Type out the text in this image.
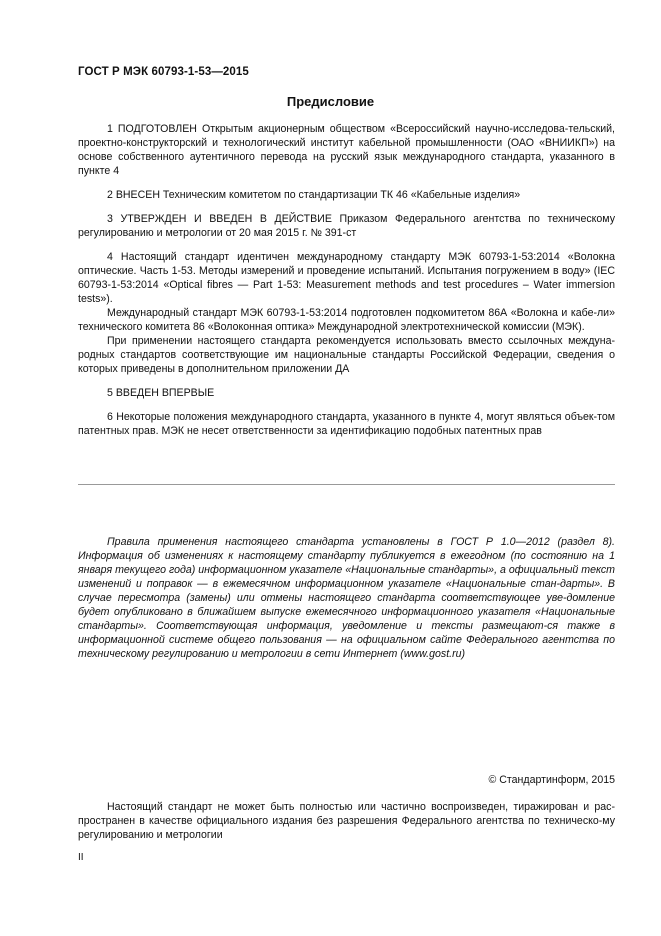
ГОСТ Р МЭК 60793-1-53—2015
Предисловие

1 ПОДГОТОВЛЕН Открытым акционерным обществом «Всероссийский научно-исследова-тельский, проектно-конструкторский и технологический институт кабельной промышленности (ОАО «ВНИИКП») на основе собственного аутентичного перевода на русский язык международного стандарта, указанного в пункте 4

2 ВНЕСЕН Техническим комитетом по стандартизации ТК 46 «Кабельные изделия»

3 УТВЕРЖДЕН И ВВЕДЕН В ДЕЙСТВИЕ Приказом Федерального агентства по техническому регулированию и метрологии от 20 мая 2015 г. № 391-ст

4 Настоящий стандарт идентичен международному стандарту МЭК 60793-1-53:2014 «Волокна оптические. Часть 1-53. Методы измерений и проведение испытаний. Испытания погружением в воду» (IEC 60793-1-53:2014 «Optical fibres — Part 1-53: Measurement methods and test procedures – Water immersion tests»).

Международный стандарт МЭК 60793-1-53:2014 подготовлен подкомитетом 86А «Волокна и кабе-ли» технического комитета 86 «Волоконная оптика» Международной электротехнической комиссии (МЭК).

При применении настоящего стандарта рекомендуется использовать вместо ссылочных междуна-родных стандартов соответствующие им национальные стандарты Российской Федерации, сведения о которых приведены в дополнительном приложении ДА

5 ВВЕДЕН ВПЕРВЫЕ

6 Некоторые положения международного стандарта, указанного в пункте 4, могут являться объек-том патентных прав. МЭК не несет ответственности за идентификацию подобных патентных прав

Правила применения настоящего стандарта установлены в ГОСТ Р 1.0—2012 (раздел 8). Информация об изменениях к настоящему стандарту публикуется в ежегодном (по состоянию на 1 января текущего года) информационном указателе «Национальные стандарты», а официальный текст изменений и поправок — в ежемесячном информационном указателе «Национальные стан-дарты». В случае пересмотра (замены) или отмены настоящего стандарта соответствующее уве-домление будет опубликовано в ближайшем выпуске ежемесячного информационного указателя «Национальные стандарты». Соответствующая информация, уведомление и тексты размещают-ся также в информационной системе общего пользования — на официальном сайте Федерального агентства по техническому регулированию и метрологии в сети Интернет (www.gost.ru)
© Стандартинформ, 2015
Настоящий стандарт не может быть полностью или частично воспроизведен, тиражирован и рас-пространен в качестве официального издания без разрешения Федерального агентства по техническо-му регулированию и метрологии
II
